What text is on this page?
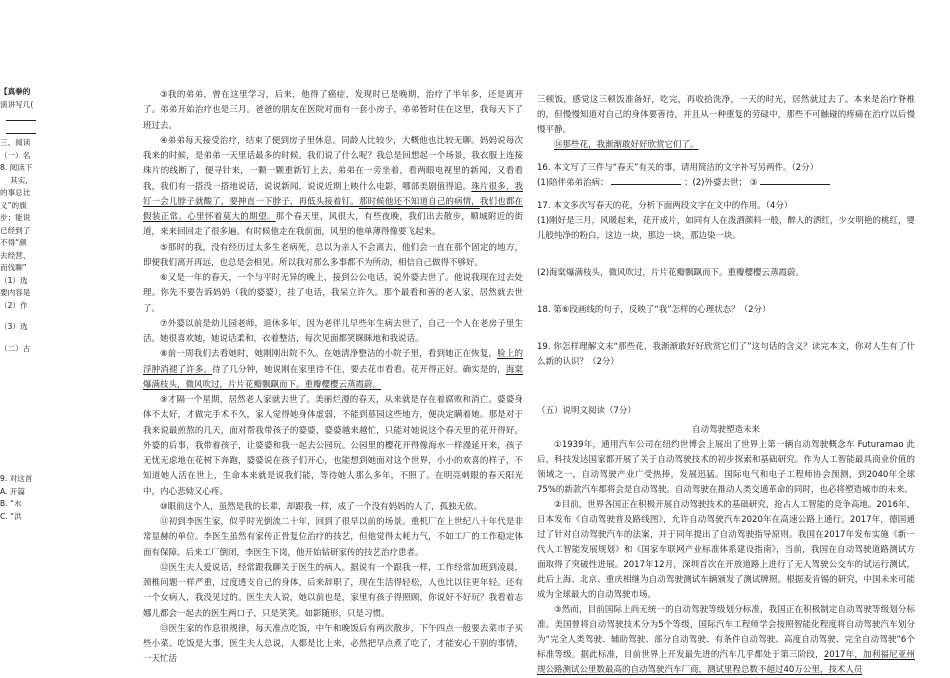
【真拳的
演讲写几(
三、阅读
（一）名
8. 阅读下
其实,
的事总比
义”的旗
步；能说
已经到了
不得“颜
去经营、
而伐聊”
（1）选
要内容是
（2）作
（3）选
（二）古
9. 对这首
A. 开篇
B. “水
C. “洪
③我的弟弟，曾在这里学习，后来，他得了癌症，发现时已是晚期，治疗了半年多，还是离开了。弟弟开始治疗也是三月。爸爸的朋友在医院对面有一套小房子，弟弟暂时住在这里，我每天下了班过去。
④弟弟每天接受治疗，结束了便到房子里休息。同龄人比较少，大概他也比较无聊。妈妈说每次我来的时候，是弟弟一天里话最多的时候。我们说了什么呢？我总是回想起一个场景，我衣服上连接珠片的线断了，便寻针来，一颗一颗重新钉上去，弟弟在一旁坐着，看两眼电视里的新闻，又看看我，我们有一搭没一搭地说话，说说新闻，说说近期上映什么电影，哪部美剧值得追。珠片很多，我钉一会儿脖子就酸了，要抻直一下脖子，再低头接着钉。那时候他还不知道自己的病情，我们也都在假装正常。心里怀着莫大的期望。那个春天里，风很大，有些夜晚，我们出去散步，顺城附近的街道，来来回回走了很多遍。有时候他走在我前面，风里的他单薄得像要飞起来。
⑤那时的我，没有经历过太多生老病死，总以为亲人不会离去，他们会一直在那个固定的地方，即便我们离开再远，也总是会相见。所以我对那么多事都不为所动，相信自己做得不够好。
⑥又是一年的春天，一个与平时无异的晚上，接到公公电话，说外婆去世了。他说我现在过去处理。你先不要告诉妈妈（我的婆婆），挂了电话，我呆立许久。那个最看和善的老人家，居然就去世了。
⑦外婆以前是幼儿园老师，退休多年，因为老伴儿早些年生病去世了，自己一个人在老房子里生活。她很喜欢她，她说话柔和，衣着整洁，每次见面都笑眯眯地和我说话。
⑧前一周我们去看她时，她刚刚出院不久。在她清净整洁的小院子里，看到她正在恢复，脸上的浮肿消褪了许多。待了几分钟，她说刚在家里待不住，要去花市看看。花开得正好。确实是的，海棠爆满枝头，微风吹过，片片花瓣飘飖而下。重瓣樱樱云蒸霞蔚。
⑨才隔一个星期，居然老人家就去世了。美丽烂漫的春天，从来就是存在着腐败和消亡。婆婆身体不太好，才做完手术不久，家人觉得她身体虚弱，不能到墓园这些地方，便决定瞒着她。那是对于我来说最煎熬的几天，面对帮我带孩子的婆婆，婆婆越来越忙，只能对她说这个春天里的花开得好。外婆的后事，我带着孩子，让婆婆和我一起去公园玩。公园里的樱花开得像海水一样漫延开来，孩子无忧无虑地在花树下奔跑，婆婆说在孩子们开心，也能想到她面对这个世界，小小的欢喜的样子，不知道她人活在世上，生命本来就是说我们能，等待她人那么多年，不照了。在明亮刺眼的春天阳光中，内心悲恸又心疼。
⑩眼前这个人，虽然是我的长辈，却跟我一样，成了一个没有妈妈的人了，孤独无依。
⑪初到李医生家，似乎时光倒流二十年，回到了很早以前的场景。重机厂在上世纪八十年代是非常显赫的单位。李医生虽然有家传正骨复位治疗的技艺，但他觉得太耗力气，不如工厂的工作稳定体面有保障。后来工厂倒闭，李医生下岗，他开始钻研家传的技艺治疗患者。
⑫医生夫人爱说话，经常跟我聊关于医生的病人。据说有一个跟我一样，工作经常加班到凌晨，颈椎问题一样严重，过度透支自己的身体，后来辞职了，现在生活得轻松，人也比以往更年轻。还有一个女病人，我没见过的。医生夫人说，她以前也是，家里有孩子得照顾，你说好不好玩？我看着志娜儿都会一起去的医生两口子，只是笑笑。如影随形，只是习惯。
⑬医生家的作息很规律，每天准点吃饭，中午和晚饭后有两次散步，下午四点一般要去菜市子买些小菜。吃饭是大事，医生夫人总说，人都是比上来，必然把早点煮了吃了，才能安心干别的事情，一天忙活
三顿饭，感觉这三顿饭准备好，吃完，再收拾洗净，一天的时光，居然就过去了。本来是治疗脊椎的，但慢慢知道对自己的身体要善待，并且从一种重复的劳碌中，那些不可触碰的疼痛在治疗以后慢慢平静。
⑭那些花，我渐渐敢好好欣赏它们了。
16. 本文写了三件与“春天”有关的事，请用简洁的文字补写另两件。（2分）
(1)陪伴弟弟治病；	；(2)外婆去世； ③
17. 本文多次写春天的花，分析下面两段文字在文中的作用。（4分）
(1)刚好是三月，风暖起来，花开成片，如同有人在泼洒颜料一般，醉人的洒红，少女明艳的桃红，婴儿般纯净的粉白，这边一块，那边一块，那边染一块。
(2)海棠爆满枝头，微风吹过，片片花瓣飘飖而下。重瓣樱樱云蒸霞蔚。
18. 第⑥段画线的句子，反映了“我”怎样的心理状态？（2分）
19. 你怎样理解文末“那些花，我渐渐敢好好欣赏它们了”这句话的含义？读完本文，你对人生有了什么新的认识？（2分）
（五）说明文阅读（7分）
自动驾驶塑造未来
①1939年，通用汽车公司在纽约世博会上展出了世界上第一辆自动驾驶概念车 Futuramao 此后，科技发达国家都开展了关于自动驾驶技术的初步探索和基础研究。作为人工智能最具商业价值的领域之一，自动驾驶产业广受热捧，发展迅猛。国际电气和电子工程师协会预测，到2040年全球75%的新款汽车都将会是自动驾驶。自动驾驶在推动人类交通革命的同时，也必将塑造城市的未来。
②目前，世界各国正在积极开展自动驾驶技术的基础研究，抢占人工智能的竞争高地。2016年，日本发布《自动驾驶普及路线图》，允许自动驾驶汽车2020年在高速公路上通行。2017年，德国通过了针对自动驾驶汽车的法案，并于同年提出了自动驾驶指导原则。我国在2017年发布实施《新一代人工智能发展规划》和《国家车联网产业标准体系建设指南》，当前，我国在自动驾驶道路测试方面取得了突破性进展。2017年12月，深圳首次在开放道路上进行了无人驾驶公交车的试运行测试，此后上海、北京、重庆相继为自动驾驶测试车辆颁发了测试牌照。根据麦肯锡的研究，中国未来可能成为全球最大的自动驾驶市场。
③然而，目前国际上尚无统一的自动驾驶等级划分标准，我国正在积极制定自动驾驶等级划分标准。美国曾将自动驾驶技术分为5个等级，国际汽车工程师学会按照智能化程度将自动驾驶汽车划分为“完全人类驾驶、辅助驾驶、部分自动驾驶、有条件自动驾驶、高度自动驾驶、完全自动驾驶”6个标准等级。据此标准，目前世界上开发最先进的汽车几乎都处于第三阶段，2017年，加利福尼亚州规公路测试公里数最高的自动驾驶汽车厂商，测试里程总数不超过40万公里，技术人员
